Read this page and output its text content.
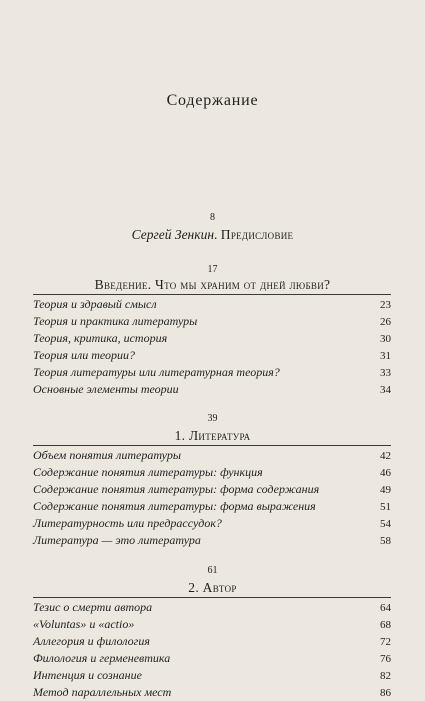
Содержание
8
Сергей Зенкин. Предисловие
17
Введение. Что мы храним от дней любви?
Теория и здравый смысл	23
Теория и практика литературы	26
Теория, критика, история	30
Теория или теории?	31
Теория литературы или литературная теория?	33
Основные элементы теории	34
39
1. Литература
Объем понятия литературы	42
Содержание понятия литературы: функция	46
Содержание понятия литературы: форма содержания	49
Содержание понятия литературы: форма выражения	51
Литературность или предрассудок?	54
Литература — это литература	58
61
2. Автор
Тезис о смерти автора	64
«Voluntas» и «actio»	68
Аллегория и филология	72
Филология и герменевтика	76
Интенция и сознание	82
Метод параллельных мест	86
